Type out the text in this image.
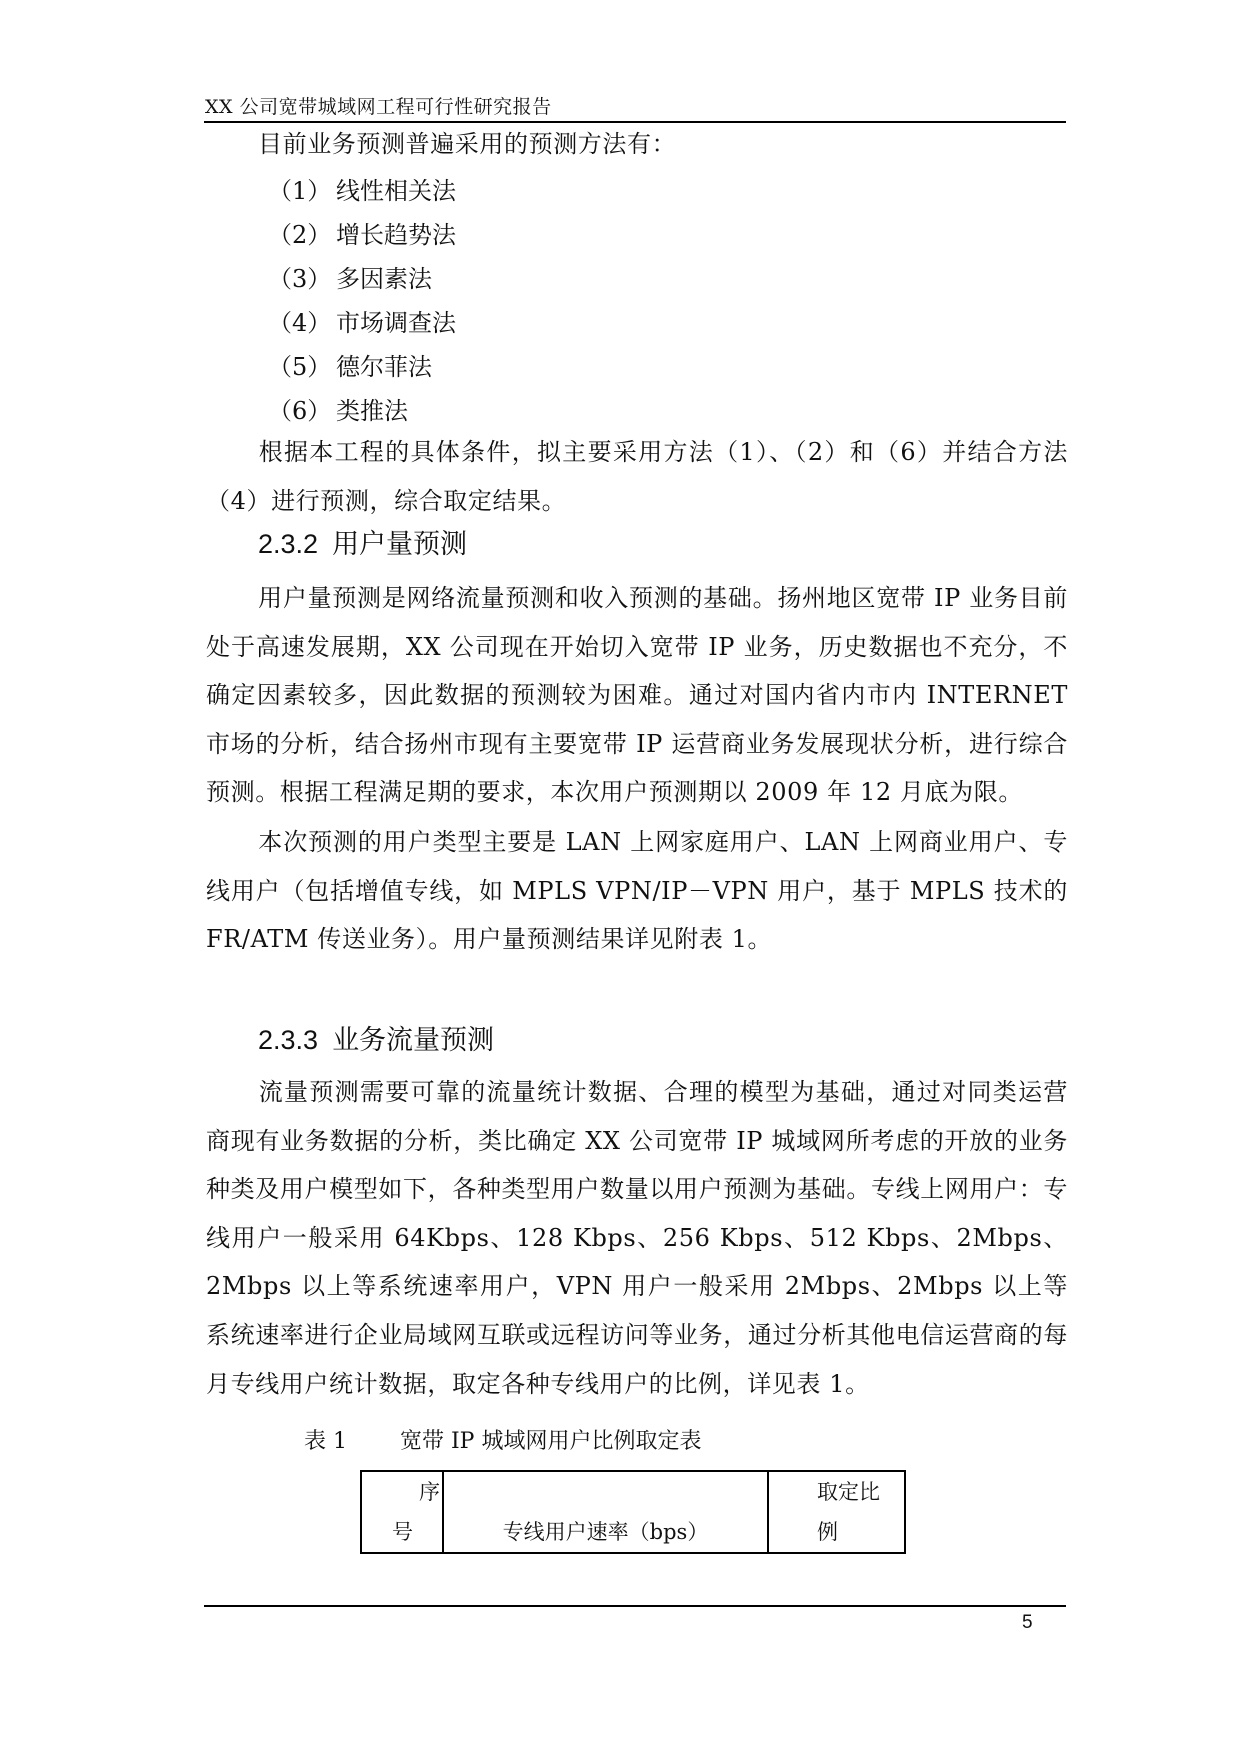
XX 公司宽带城域网工程可行性研究报告
目前业务预测普遍采用的预测方法有：
（1） 线性相关法
（2） 增长趋势法
（3） 多因素法
（4） 市场调查法
（5） 德尔菲法
（6） 类推法
根据本工程的具体条件，拟主要采用方法（1）、（2）和（6）并结合方法（4）进行预测，综合取定结果。
2.3.2 用户量预测
用户量预测是网络流量预测和收入预测的基础。扬州地区宽带 IP 业务目前处于高速发展期，XX 公司现在开始切入宽带 IP 业务，历史数据也不充分，不确定因素较多，因此数据的预测较为困难。通过对国内省内市内 INTERNET 市场的分析，结合扬州市现有主要宽带 IP 运营商业务发展现状分析，进行综合预测。根据工程满足期的要求，本次用户预测期以 2009 年 12 月底为限。
本次预测的用户类型主要是 LAN 上网家庭用户、LAN 上网商业用户、专线用户（包括增值专线，如 MPLS VPN/IP－VPN 用户，基于 MPLS 技术的 FR/ATM 传送业务）。用户量预测结果详见附表 1。
2.3.3 业务流量预测
流量预测需要可靠的流量统计数据、合理的模型为基础，通过对同类运营商现有业务数据的分析，类比确定 XX 公司宽带 IP 城域网所考虑的开放的业务种类及用户模型如下，各种类型用户数量以用户预测为基础。专线上网用户：专线用户一般采用 64Kbps、128 Kbps、256 Kbps、512 Kbps、2Mbps、2Mbps 以上等系统速率用户，VPN 用户一般采用 2Mbps、2Mbps 以上等系统速率进行企业局域网互联或远程访问等业务，通过分析其他电信运营商的每月专线用户统计数据，取定各种专线用户的比例，详见表 1。
表 1 宽带 IP 城域网用户比例取定表
序
号	专线用户速率（bps）
取定比
例
5
